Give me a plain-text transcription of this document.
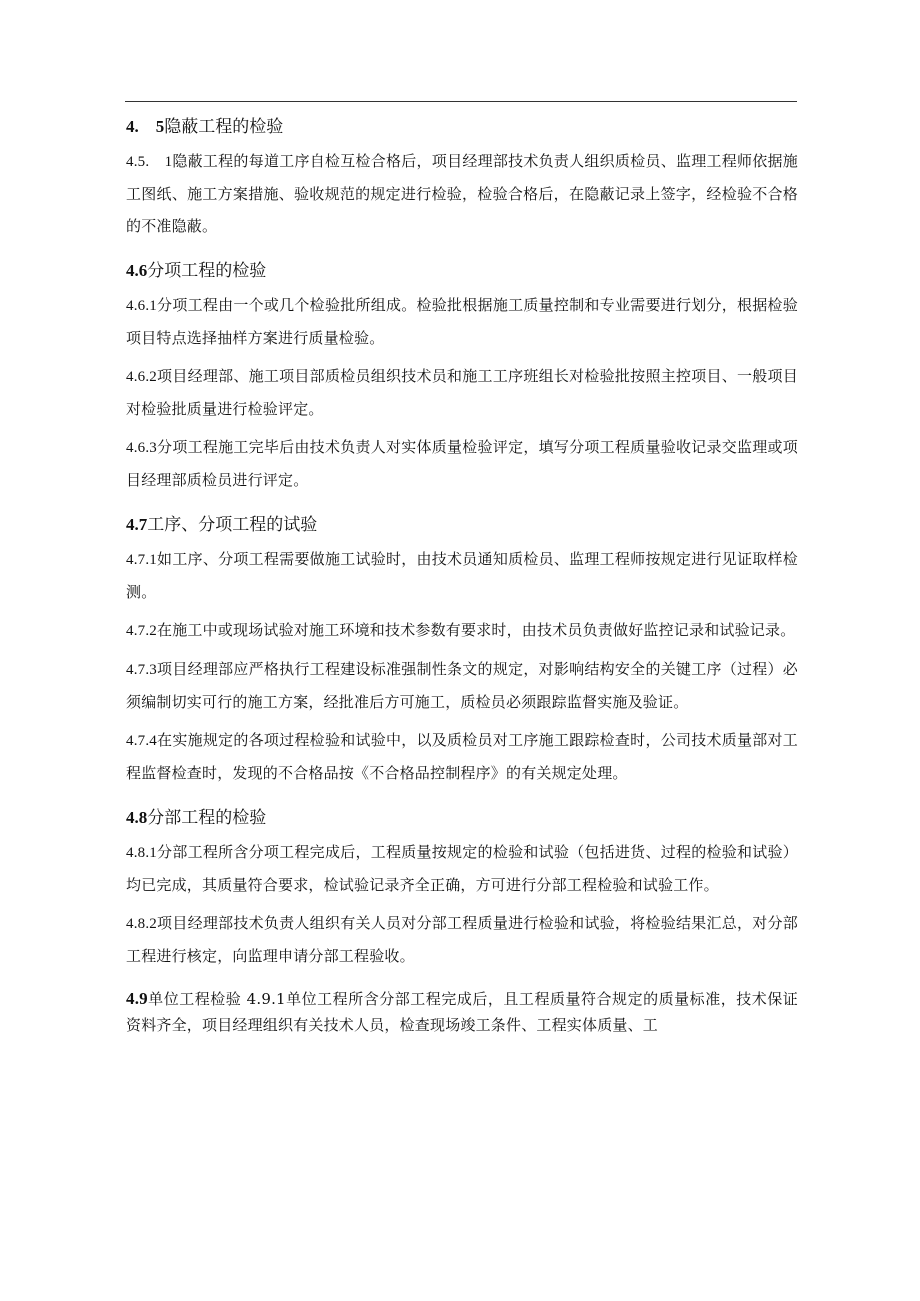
4.　5隐蔽工程的检验

4.5.　1隐蔽工程的每道工序自检互检合格后，项目经理部技术负责人组织质检员、监理工程师依据施工图纸、施工方案措施、验收规范的规定进行检验，检验合格后，在隐蔽记录上签字，经检验不合格的不准隐蔽。

4.6分项工程的检验

4.6.1分项工程由一个或几个检验批所组成。检验批根据施工质量控制和专业需要进行划分，根据检验项目特点选择抽样方案进行质量检验。

4.6.2项目经理部、施工项目部质检员组织技术员和施工工序班组长对检验批按照主控项目、一般项目对检验批质量进行检验评定。

4.6.3分项工程施工完毕后由技术负责人对实体质量检验评定，填写分项工程质量验收记录交监理或项目经理部质检员进行评定。

4.7工序、分项工程的试验

4.7.1如工序、分项工程需要做施工试验时，由技术员通知质检员、监理工程师按规定进行见证取样检测。

4.7.2在施工中或现场试验对施工环境和技术参数有要求时，由技术员负责做好监控记录和试验记录。

4.7.3项目经理部应严格执行工程建设标准强制性条文的规定，对影响结构安全的关键工序（过程）必须编制切实可行的施工方案，经批准后方可施工，质检员必须跟踪监督实施及验证。

4.7.4在实施规定的各项过程检验和试验中，以及质检员对工序施工跟踪检查时，公司技术质量部对工程监督检查时，发现的不合格品按《不合格品控制程序》的有关规定处理。

4.8分部工程的检验

4.8.1分部工程所含分项工程完成后，工程质量按规定的检验和试验（包括进货、过程的检验和试验）均已完成，其质量符合要求，检试验记录齐全正确，方可进行分部工程检验和试验工作。

4.8.2项目经理部技术负责人组织有关人员对分部工程质量进行检验和试验，将检验结果汇总，对分部工程进行核定，向监理申请分部工程验收。

4.9单位工程检验 4.9.1单位工程所含分部工程完成后，且工程质量符合规定的质量标准，技术保证资料齐全，项目经理组织有关技术人员，检查现场竣工条件、工程实体质量、工
